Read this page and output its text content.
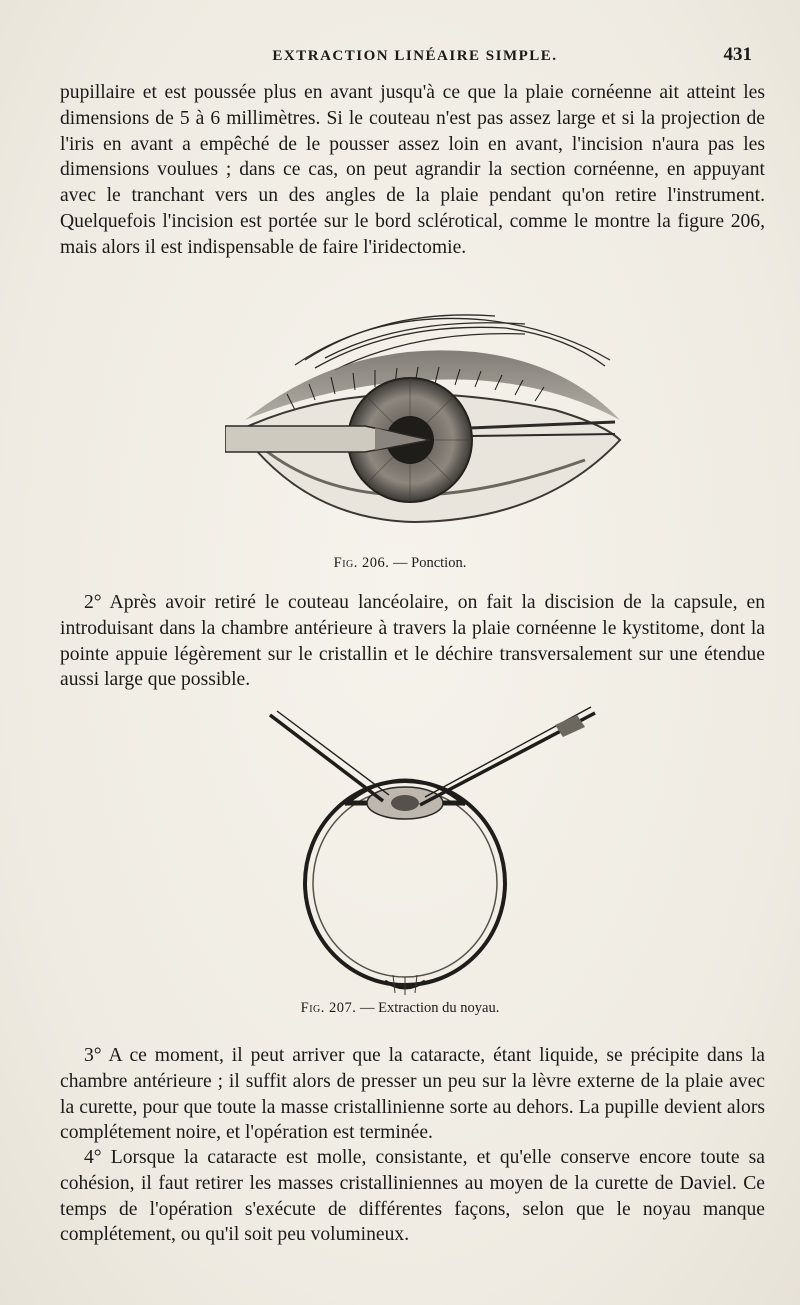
EXTRACTION LINÉAIRE SIMPLE.	431

pupillaire et est poussée plus en avant jusqu'à ce que la plaie cornéenne ait atteint les dimensions de 5 à 6 millimètres. Si le couteau n'est pas assez large et si la projection de l'iris en avant a empêché de le pousser assez loin en avant, l'incision n'aura pas les dimensions voulues ; dans ce cas, on peut agrandir la section cornéenne, en appuyant avec le tranchant vers un des angles de la plaie pendant qu'on retire l'instrument. Quelquefois l'incision est portée sur le bord sclérotical, comme le montre la figure 206, mais alors il est indispensable de faire l'iridectomie.

Fig. 206. — Ponction.

2° Après avoir retiré le couteau lancéolaire, on fait la discision de la capsule, en introduisant dans la chambre antérieure à travers la plaie cornéenne le kystitome, dont la pointe appuie légèrement sur le cristallin et le déchire transversalement sur une étendue aussi large que possible.

Fig. 207. — Extraction du noyau.

3° A ce moment, il peut arriver que la cataracte, étant liquide, se précipite dans la chambre antérieure ; il suffit alors de presser un peu sur la lèvre externe de la plaie avec la curette, pour que toute la masse cristallinienne sorte au dehors. La pupille devient alors complétement noire, et l'opération est terminée.

4° Lorsque la cataracte est molle, consistante, et qu'elle conserve encore toute sa cohésion, il faut retirer les masses cristalliniennes au moyen de la curette de Daviel. Ce temps de l'opération s'exécute de différentes façons, selon que le noyau manque complétement, ou qu'il soit peu volumineux.
